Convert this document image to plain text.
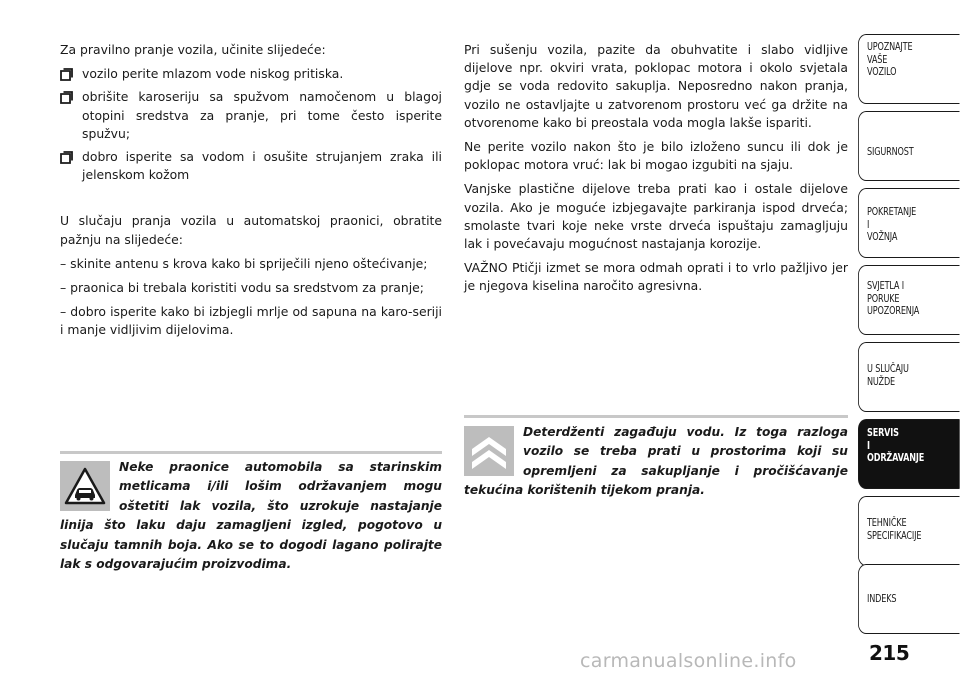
Za pravilno pranje vozila, učinite slijedeće:

vozilo perite mlazom vode niskog pritiska.
obrišite karoseriju sa spužvom namočenom u blagoj otopini sredstva za pranje, pri tome često isperite spužvu;
dobro isperite sa vodom i osušite strujanjem zraka ili jelenskom kožom

U slučaju pranja vozila u automatskoj praonici, obratite pažnju na slijedeće:

– skinite antenu s krova kako bi spriječili njeno oštećivanje;

– praonica bi trebala koristiti vodu sa sredstvom za pranje;

– dobro isperite kako bi izbjegli mrlje od sapuna na karo-seriji i manje vidljivim dijelovima.

Pri sušenju vozila, pazite da obuhvatite i slabo vidljive dijelove npr. okviri vrata, poklopac motora i okolo svjetala gdje se voda redovito sakuplja. Neposredno nakon pranja, vozilo ne ostavljajte u zatvorenom prostoru već ga držite na otvorenome kako bi preostala voda mogla lakše ispariti.

Ne perite vozilo nakon što je bilo izloženo suncu ili dok je poklopac motora vruć: lak bi mogao izgubiti na sjaju.

Vanjske plastične dijelove treba prati kao i ostale dijelove vozila. Ako je moguće izbjegavajte parkiranja ispod drveća; smolaste tvari koje neke vrste drveća ispuštaju zamagljuju lak i povećavaju mogućnost nastajanja korozije.

VAŽNO Ptičji izmet se mora odmah oprati i to vrlo pažljivo jer je njegova kiselina naročito agresivna.

Neke praonice automobila sa starinskim metlicama i/ili lošim održavanjem mogu oštetiti lak vozila, što uzrokuje nastajanje linija što laku daju zamagljeni izgled, pogotovo u slučaju tamnih boja. Ako se to dogodi lagano polirajte lak s odgovarajućim proizvodima.
Deterdženti zagađuju vodu. Iz toga razloga vozilo se treba prati u prostorima koji su opremljeni za sakupljanje i pročišćavanje tekućina korištenih tijekom pranja.
UPOZNAJTE
VAŠE
VOZILO
SIGURNOST
POKRETANJE
I
VOŽNJA
SVJETLA I
PORUKE
UPOZORENJA
U SLUČAJU
NUŽDE
SERVIS
I
ODRŽAVANJE
TEHNIČKE
SPECIFIKACIJE
INDEKS
215
carmanualsonline.info
